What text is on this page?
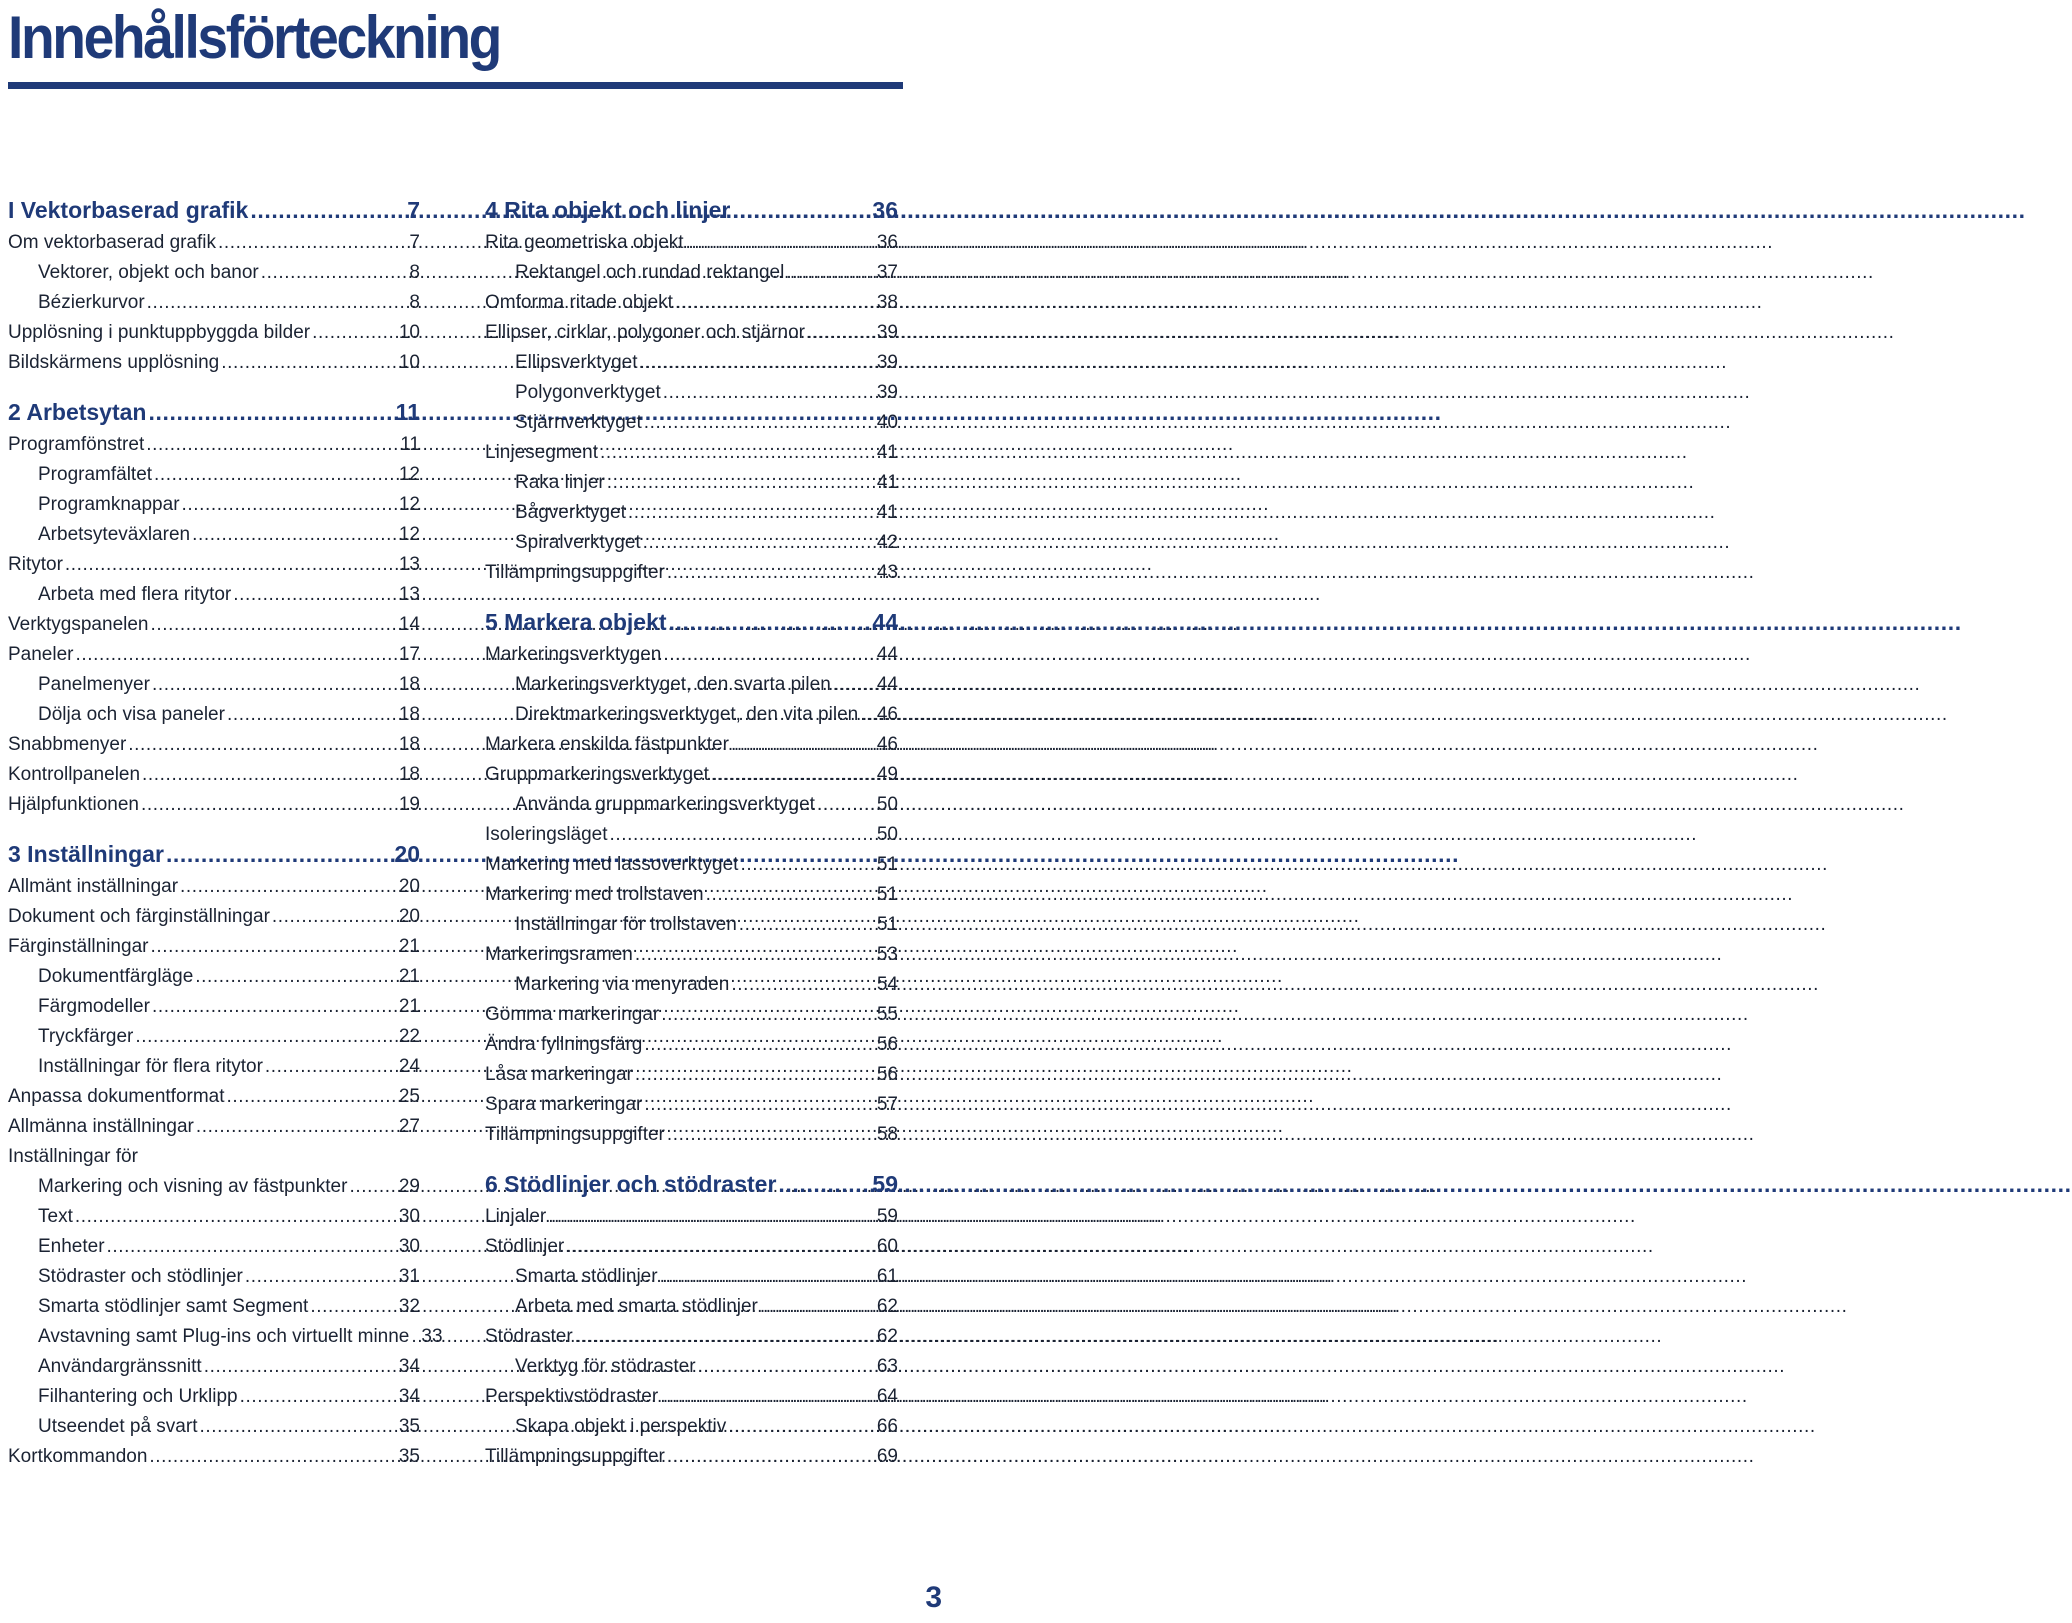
Innehållsförteckning
I Vektorbaserad grafik .....	7
Om vektorbaserad grafik .....	7
Vektorer, objekt och banor .....	8
Bézierkurvor .....	8
Upplösning i punktuppbyggda bilder .....	10
Bildskärmens upplösning .....	10
2 Arbetsytan .....	11
Programfönstret .....	11
Programfältet .....	12
Programknappar .....	12
Arbetsyteväxlaren .....	12
Ritytor .....	13
Arbeta med flera ritytor .....	13
Verktygspanelen .....	14
Paneler .....	17
Panelmenyer .....	18
Dölja och visa paneler .....	18
Snabbmenyer .....	18
Kontrollpanelen .....	18
Hjälpfunktionen .....	19
3 Inställningar .....	20
Allmänt inställningar .....	20
Dokument och färginställningar .....	20
Färginställningar .....	21
Dokumentfärgläge .....	21
Färgmodeller .....	21
Tryckfärger .....	22
Inställningar för flera ritytor .....	24
Anpassa dokumentformat .....	25
Allmänna inställningar .....	27
Inställningar för
Markering och visning av fästpunkter .....	29
Text .....	30
Enheter .....	30
Stödraster och stödlinjer .....	31
Smarta stödlinjer samt Segment .....	32
Avstavning samt Plug-ins och virtuellt minne ..... 33
Användargränssnitt .....	34
Filhantering och Urklipp .....	34
Utseendet på svart .....	35
Kortkommandon .....	35
4 Rita objekt och linjer .....	36
Rita geometriska objekt .....	36
Rektangel och rundad rektangel .....	37
Omforma ritade objekt .....	38
Ellipser, cirklar, polygoner och stjärnor .....	39
Ellipsverktyget .....	39
Polygonverktyget .....	39
Stjärnverktyget .....	40
Linjesegment .....	41
Raka linjer .....	41
Bågverktyget .....	41
Spiralverktyget .....	42
Tillämpningsuppgifter .....	43
5 Markera objekt .....	44
Markeringsverktygen .....	44
Markeringsverktyget, den svarta pilen ..... 44
Direktmarkeringsverktyget, den vita pilen ..... 46
Markera enskilda fästpunkter .....	46
Gruppmarkeringsverktyget .....	49
Använda gruppmarkeringsverktyget .....	50
Isoleringsläget .....	50
Markering med lassoverktyget .....	51
Markering med trollstaven .....	51
Inställningar för trollstaven .....	51
Markeringsramen .....	53
Markering via menyraden .....	54
Gömma markeringar .....	55
Ändra fyllningsfärg .....	56
Låsa markeringar .....	56
Spara markeringar .....	57
Tillämpningsuppgifter .....	58
6 Stödlinjer och stödraster .....	59
Linjaler .....	59
Stödlinjer .....	60
Smarta stödlinjer .....	61
Arbeta med smarta stödlinjer .....	62
Stödraster .....	62
Verktyg för stödraster .....	63
Perspektivstödraster .....	64
Skapa objekt i perspektiv .....	66
Tillämpningsuppgifter .....	69
3
